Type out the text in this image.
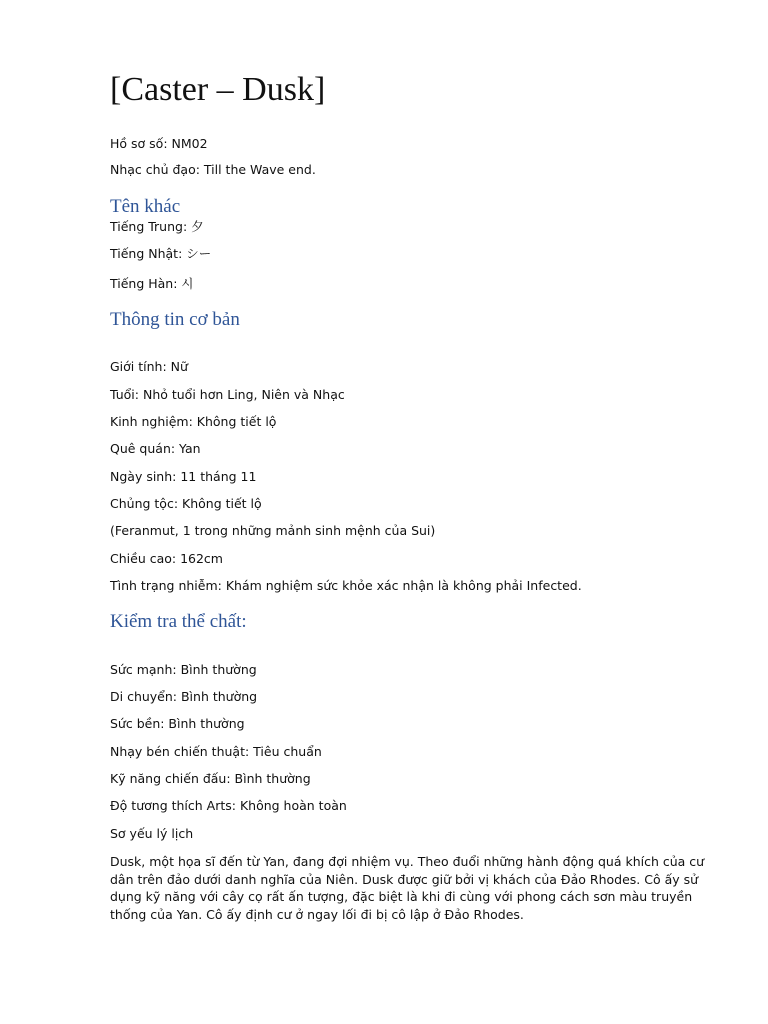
[Caster – Dusk]

Hồ sơ số: NM02

Nhạc chủ đạo: Till the Wave end.

Tên khác

Tiếng Trung: 夕

Tiếng Nhật: シー

Tiếng Hàn: 시

Thông tin cơ bản

Giới tính: Nữ

Tuổi: Nhỏ tuổi hơn Ling, Niên và Nhạc

Kinh nghiệm: Không tiết lộ

Quê quán: Yan

Ngày sinh: 11 tháng 11

Chủng tộc: Không tiết lộ

(Feranmut, 1 trong những mảnh sinh mệnh của Sui)

Chiều cao: 162cm

Tình trạng nhiễm: Khám nghiệm sức khỏe xác nhận là không phải Infected.

Kiểm tra thể chất:

Sức mạnh: Bình thường

Di chuyển: Bình thường

Sức bền: Bình thường

Nhạy bén chiến thuật: Tiêu chuẩn

Kỹ năng chiến đấu: Bình thường

Độ tương thích Arts: Không hoàn toàn

Sơ yếu lý lịch

Dusk, một họa sĩ đến từ Yan, đang đợi nhiệm vụ. Theo đuổi những hành động quá khích của cư dân trên đảo dưới danh nghĩa của Niên. Dusk được giữ bởi vị khách của Đảo Rhodes. Cô ấy sử dụng kỹ năng với cây cọ rất ấn tượng, đặc biệt là khi đi cùng với phong cách sơn màu truyền thống của Yan. Cô ấy định cư ở ngay lối đi bị cô lập ở Đảo Rhodes.
